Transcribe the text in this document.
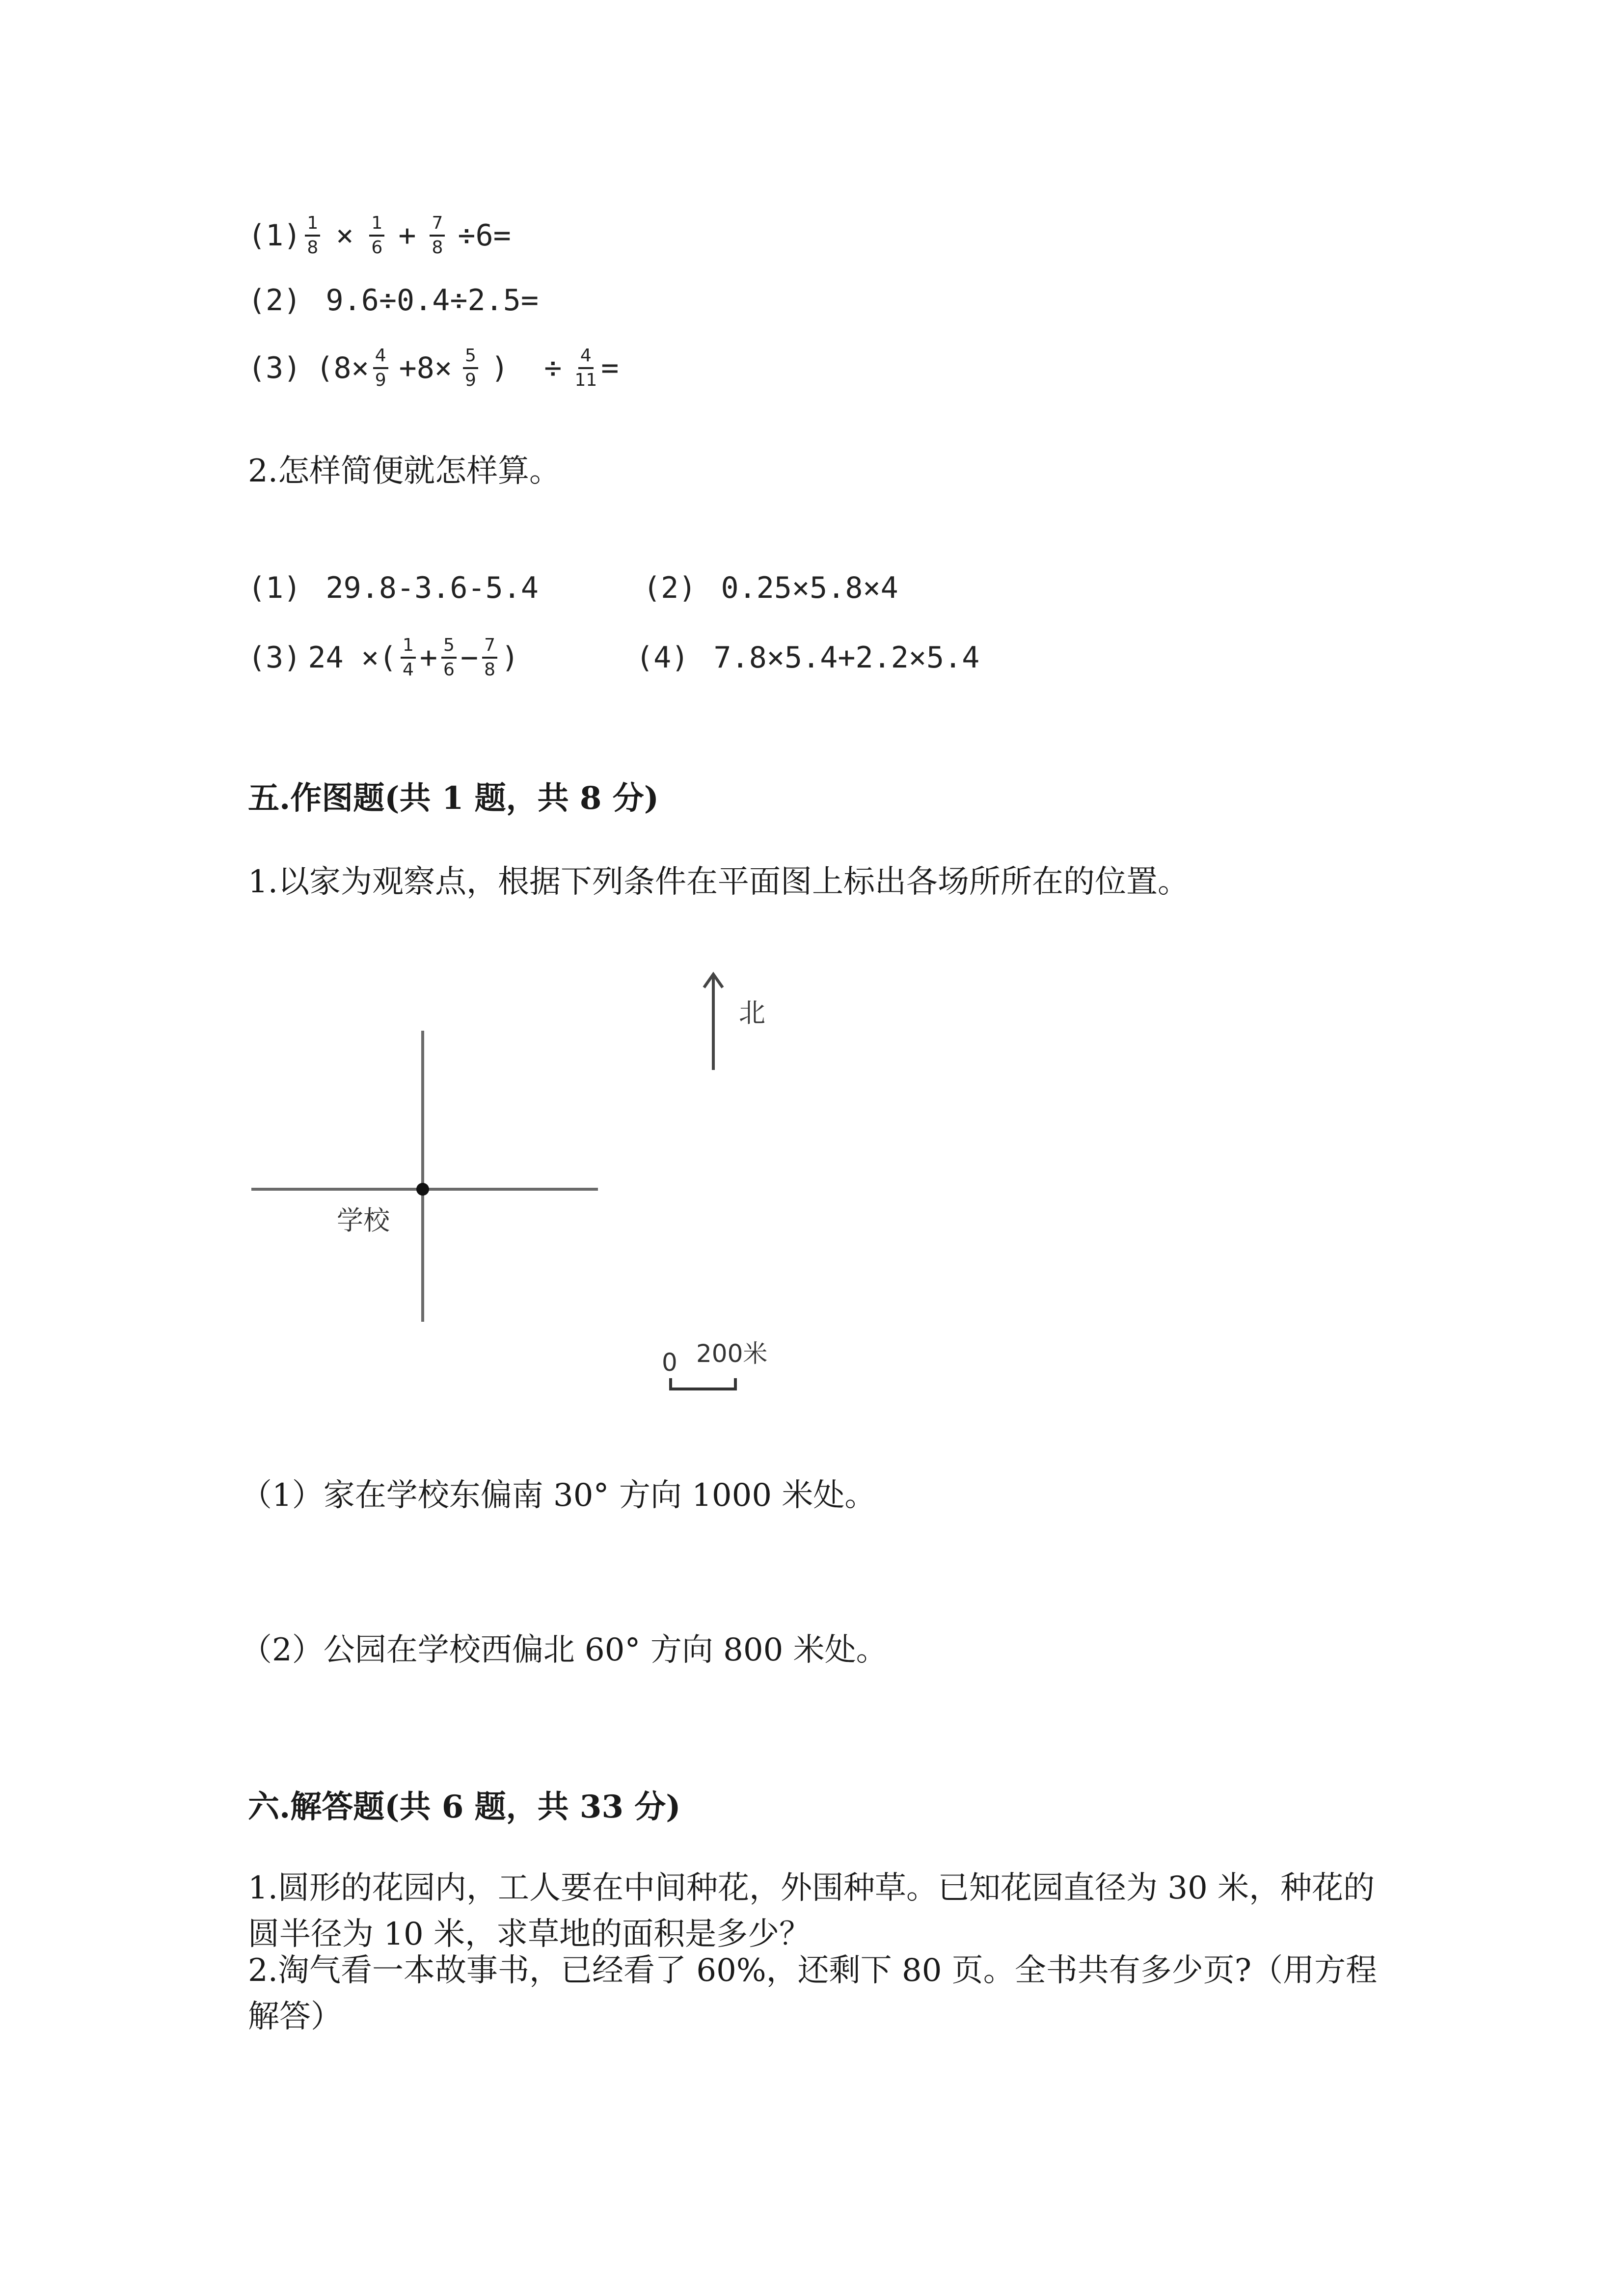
$(1) \frac{1}{8} \times \frac{1}{6} + \frac{7}{8} \div 6=$
(2) 9.6÷0.4÷2.5=
(3) ($8\times \frac{4}{9} +8\times \frac{5}{9}$ )  ÷ $\frac{4}{11}$ =
2.怎样简便就怎样算。
(1) 29.8-3.6-5.4	(2) 0.25×5.8×4
(3) 24 ×( $\frac{1}{4} + \frac{5}{6} - \frac{7}{8}$ )	(4) 7.8×5.4+2.2×5.4
五.作图题(共 1 题，共 8 分)
1.以家为观察点，根据下列条件在平面图上标出各场所所在的位置。
学校
北
0 200米
（1）家在学校东偏南 30° 方向 1000 米处。
（2）公园在学校西偏北 60° 方向 800 米处。
六.解答题(共 6 题，共 33 分)
1.圆形的花园内，工人要在中间种花，外围种草。已知花园直径为 30 米，种花的圆半径为 10 米，求草地的面积是多少？
2.淘气看一本故事书，已经看了 60%，还剩下 80 页。全书共有多少页?（用方程解答）
